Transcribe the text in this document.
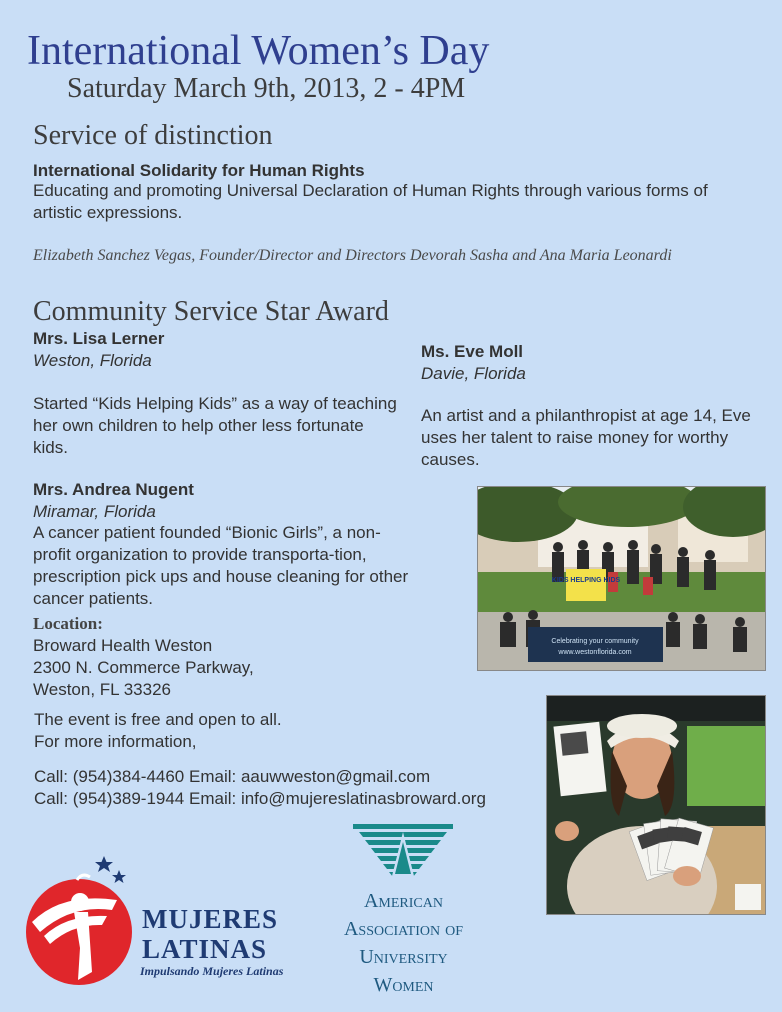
International Women’s Day
Saturday March 9th, 2013, 2 - 4PM
Service of distinction
International Solidarity for Human Rights
Educating and promoting Universal Declaration of Human Rights through various forms of artistic expressions.
Elizabeth Sanchez Vegas, Founder/Director and Directors Devorah Sasha and Ana Maria Leonardi
Community Service Star Award
Mrs. Lisa Lerner
Weston, Florida
Started “Kids Helping Kids” as a way of teaching her own children to help other less fortunate kids.
Ms. Eve Moll
Davie, Florida
An artist and a philanthropist at age 14, Eve uses her talent to raise money for worthy causes.
Mrs. Andrea Nugent
Miramar, Florida
A cancer patient founded “Bionic Girls”, a non-profit organization to provide transporta-tion, prescription pick ups and house cleaning for other cancer patients.
Location:
Broward Health Weston
2300 N. Commerce Parkway,
Weston, FL 33326
The event is free and open to all.
For more information,
Call: (954)384-4460 Email: aauwweston@gmail.com
Call: (954)389-1944 Email: info@mujereslatinasbroward.org
KIDS HELPING KIDS
Celebrating your community
www.westonflorida.com
MUJERES
LATINAS
Impulsando Mujeres Latinas
American
Association of
University
Women
